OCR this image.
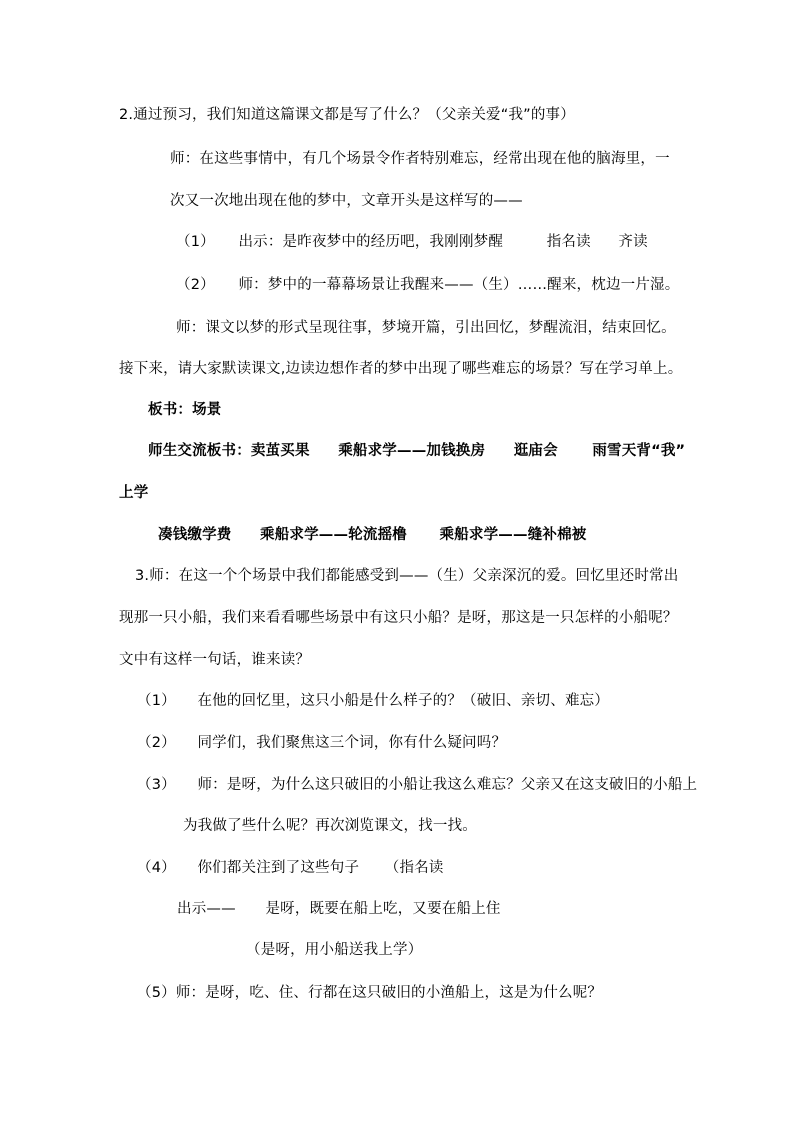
2.通过预习，我们知道这篇课文都是写了什么？（父亲关爱“我”的事）
师：在这些事情中，有几个场景令作者特别难忘，经常出现在他的脑海里，一
次又一次地出现在他的梦中，文章开头是这样写的——
（1） 出示：是昨夜梦中的经历吧，我刚刚梦醒	指名读 齐读
（2） 师：梦中的一幕幕场景让我醒来——（生）……醒来，枕边一片湿。
师：课文以梦的形式呈现往事，梦境开篇，引出回忆，梦醒流泪，结束回忆。
接下来，请大家默读课文,边读边想作者的梦中出现了哪些难忘的场景？写在学习单上。
板书：场景
师生交流板书：卖茧买果 乘船求学——加钱换房 逛庙会 雨雪天背“我”
上学
凑钱缴学费 乘船求学——轮流摇橹 乘船求学——缝补棉被
3.师：在这一个个场景中我们都能感受到——（生）父亲深沉的爱。回忆里还时常出
现那一只小船，我们来看看哪些场景中有这只小船？是呀，那这是一只怎样的小船呢？
文中有这样一句话，谁来读？
（1） 在他的回忆里，这只小船是什么样子的？（破旧、亲切、难忘）
（2） 同学们，我们聚焦这三个词，你有什么疑问吗？
（3） 师：是呀，为什么这只破旧的小船让我这么难忘？父亲又在这支破旧的小船上
为我做了些什么呢？再次浏览课文，找一找。
（4） 你们都关注到了这些句子 （指名读
出示—— 是呀，既要在船上吃，又要在船上住
（是呀，用小船送我上学）
（5）师：是呀，吃、住、行都在这只破旧的小渔船上，这是为什么呢？
